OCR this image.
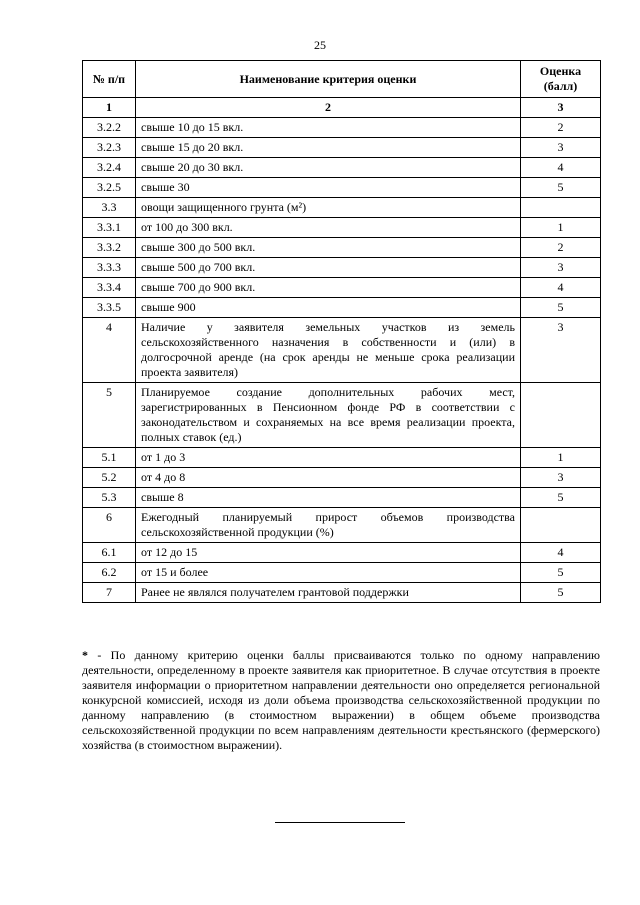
25
№ п/п	Наименование критерия оценки	Оценка (балл)
1	2	3
3.2.2	свыше 10 до 15 вкл.	2
3.2.3	свыше 15 до 20 вкл.	3
3.2.4	свыше 20 до 30 вкл.	4
3.2.5	свыше 30	5
3.3	овощи защищенного грунта (м²)	
3.3.1	от 100 до 300 вкл.	1
3.3.2	свыше 300 до 500 вкл.	2
3.3.3	свыше 500 до 700 вкл.	3
3.3.4	свыше 700 до 900 вкл.	4
3.3.5	свыше 900	5
4	Наличие у заявителя земельных участков из земель сельскохозяйственного назначения в собственности и (или) в долгосрочной аренде (на срок аренды не меньше срока реализации проекта заявителя)	3
5	Планируемое создание дополнительных рабочих мест, зарегистрированных в Пенсионном фонде РФ в соответствии с законодательством и сохраняемых на все время реализации проекта, полных ставок (ед.)	
5.1	от 1 до 3	1
5.2	от 4 до 8	3
5.3	свыше 8	5
6	Ежегодный планируемый прирост объемов производства сельскохозяйственной продукции (%)	
6.1	от 12 до 15	4
6.2	от 15 и более	5
7	Ранее не являлся получателем грантовой поддержки	5
* - По данному критерию оценки баллы присваиваются только по одному направлению деятельности, определенному в проекте заявителя как приоритетное. В случае отсутствия в проекте заявителя информации о приоритетном направлении деятельности оно определяется региональной конкурсной комиссией, исходя из доли объема производства сельскохозяйственной продукции по данному направлению (в стоимостном выражении) в общем объеме производства сельскохозяйственной продукции по всем направлениям деятельности крестьянского (фермерского) хозяйства (в стоимостном выражении).
